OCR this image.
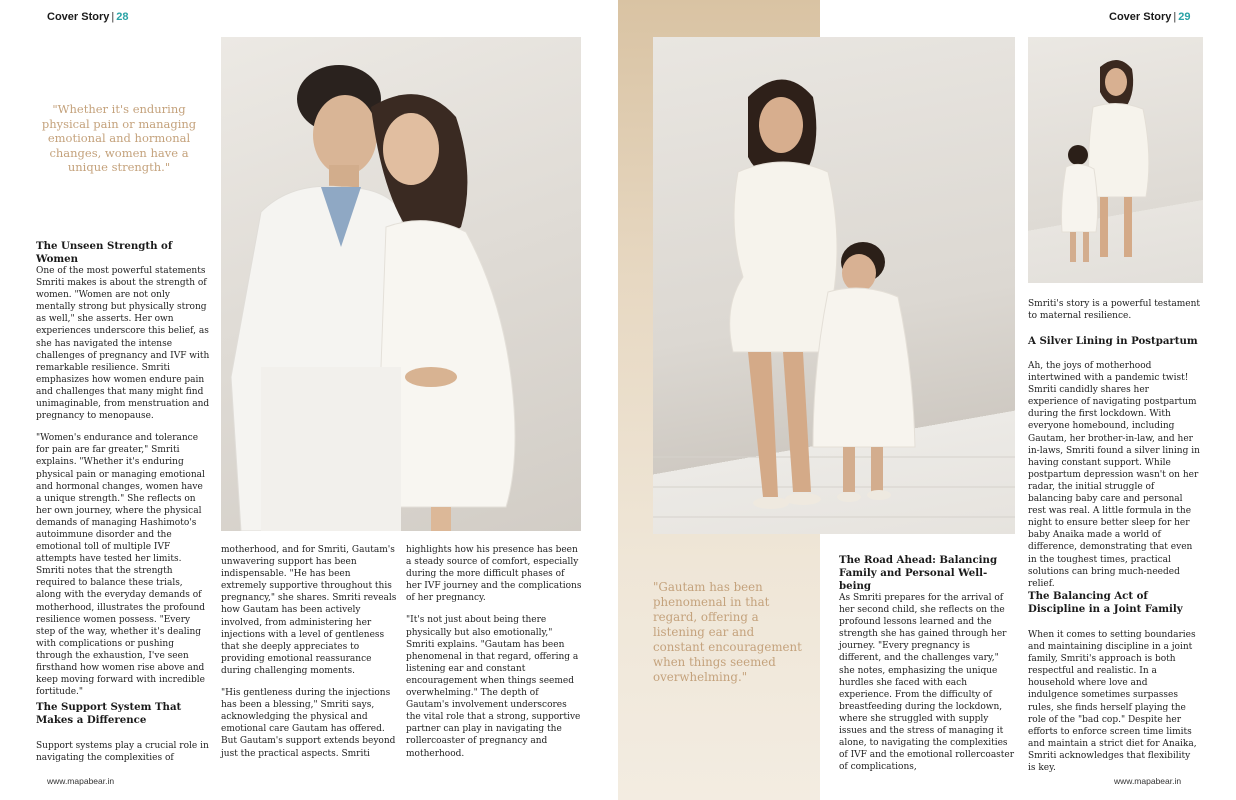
Cover Story | 28
"Whether it's enduring physical pain or managing emotional and hormonal changes, women have a unique strength."
The Unseen Strength of Women

One of the most powerful statements Smriti makes is about the strength of women. "Women are not only mentally strong but physically strong as well," she asserts. Her own experiences underscore this belief, as she has navigated the intense challenges of pregnancy and IVF with remarkable resilience. Smriti emphasizes how women endure pain and challenges that many might find unimaginable, from menstruation and pregnancy to menopause.

"Women's endurance and tolerance for pain are far greater," Smriti explains. "Whether it's enduring physical pain or managing emotional and hormonal changes, women have a unique strength." She reflects on her own journey, where the physical demands of managing Hashimoto's autoimmune disorder and the emotional toll of multiple IVF attempts have tested her limits. Smriti notes that the strength required to balance these trials, along with the everyday demands of motherhood, illustrates the profound resilience women possess. "Every step of the way, whether it's dealing with complications or pushing through the exhaustion, I've seen firsthand how women rise above and keep moving forward with incredible fortitude."

The Support System That Makes a Difference

Support systems play a crucial role in navigating the complexities of

motherhood, and for Smriti, Gautam's unwavering support has been indispensable. "He has been extremely supportive throughout this pregnancy," she shares. Smriti reveals how Gautam has been actively involved, from administering her injections with a level of gentleness that she deeply appreciates to providing emotional reassurance during challenging moments.

"His gentleness during the injections has been a blessing," Smriti says, acknowledging the physical and emotional care Gautam has offered. But Gautam's support extends beyond just the practical aspects. Smriti

highlights how his presence has been a steady source of comfort, especially during the more difficult phases of her IVF journey and the complications of her pregnancy.

"It's not just about being there physically but also emotionally," Smriti explains. "Gautam has been phenomenal in that regard, offering a listening ear and constant encouragement when things seemed overwhelming." The depth of Gautam's involvement underscores the vital role that a strong, supportive partner can play in navigating the rollercoaster of pregnancy and motherhood.

www.mapabear.in
Cover Story | 29
"Gautam has been phenomenal in that regard, offering a listening ear and constant encouragement when things seemed overwhelming."
The Road Ahead: Balancing Family and Personal Well-being

As Smriti prepares for the arrival of her second child, she reflects on the profound lessons learned and the strength she has gained through her journey. "Every pregnancy is different, and the challenges vary," she notes, emphasizing the unique hurdles she faced with each experience. From the difficulty of breastfeeding during the lockdown, where she struggled with supply issues and the stress of managing it alone, to navigating the complexities of IVF and the emotional rollercoaster of complications,

Smriti's story is a powerful testament to maternal resilience.

A Silver Lining in Postpartum

Ah, the joys of motherhood intertwined with a pandemic twist! Smriti candidly shares her experience of navigating postpartum during the first lockdown. With everyone homebound, including Gautam, her brother-in-law, and her in-laws, Smriti found a silver lining in having constant support. While postpartum depression wasn't on her radar, the initial struggle of balancing baby care and personal rest was real. A little formula in the night to ensure better sleep for her baby Anaika made a world of difference, demonstrating that even in the toughest times, practical solutions can bring much-needed relief.

The Balancing Act of Discipline in a Joint Family

When it comes to setting boundaries and maintaining discipline in a joint family, Smriti's approach is both respectful and realistic. In a household where love and indulgence sometimes surpasses rules, she finds herself playing the role of the "bad cop." Despite her efforts to enforce screen time limits and maintain a strict diet for Anaika, Smriti acknowledges that flexibility is key.

www.mapabear.in
